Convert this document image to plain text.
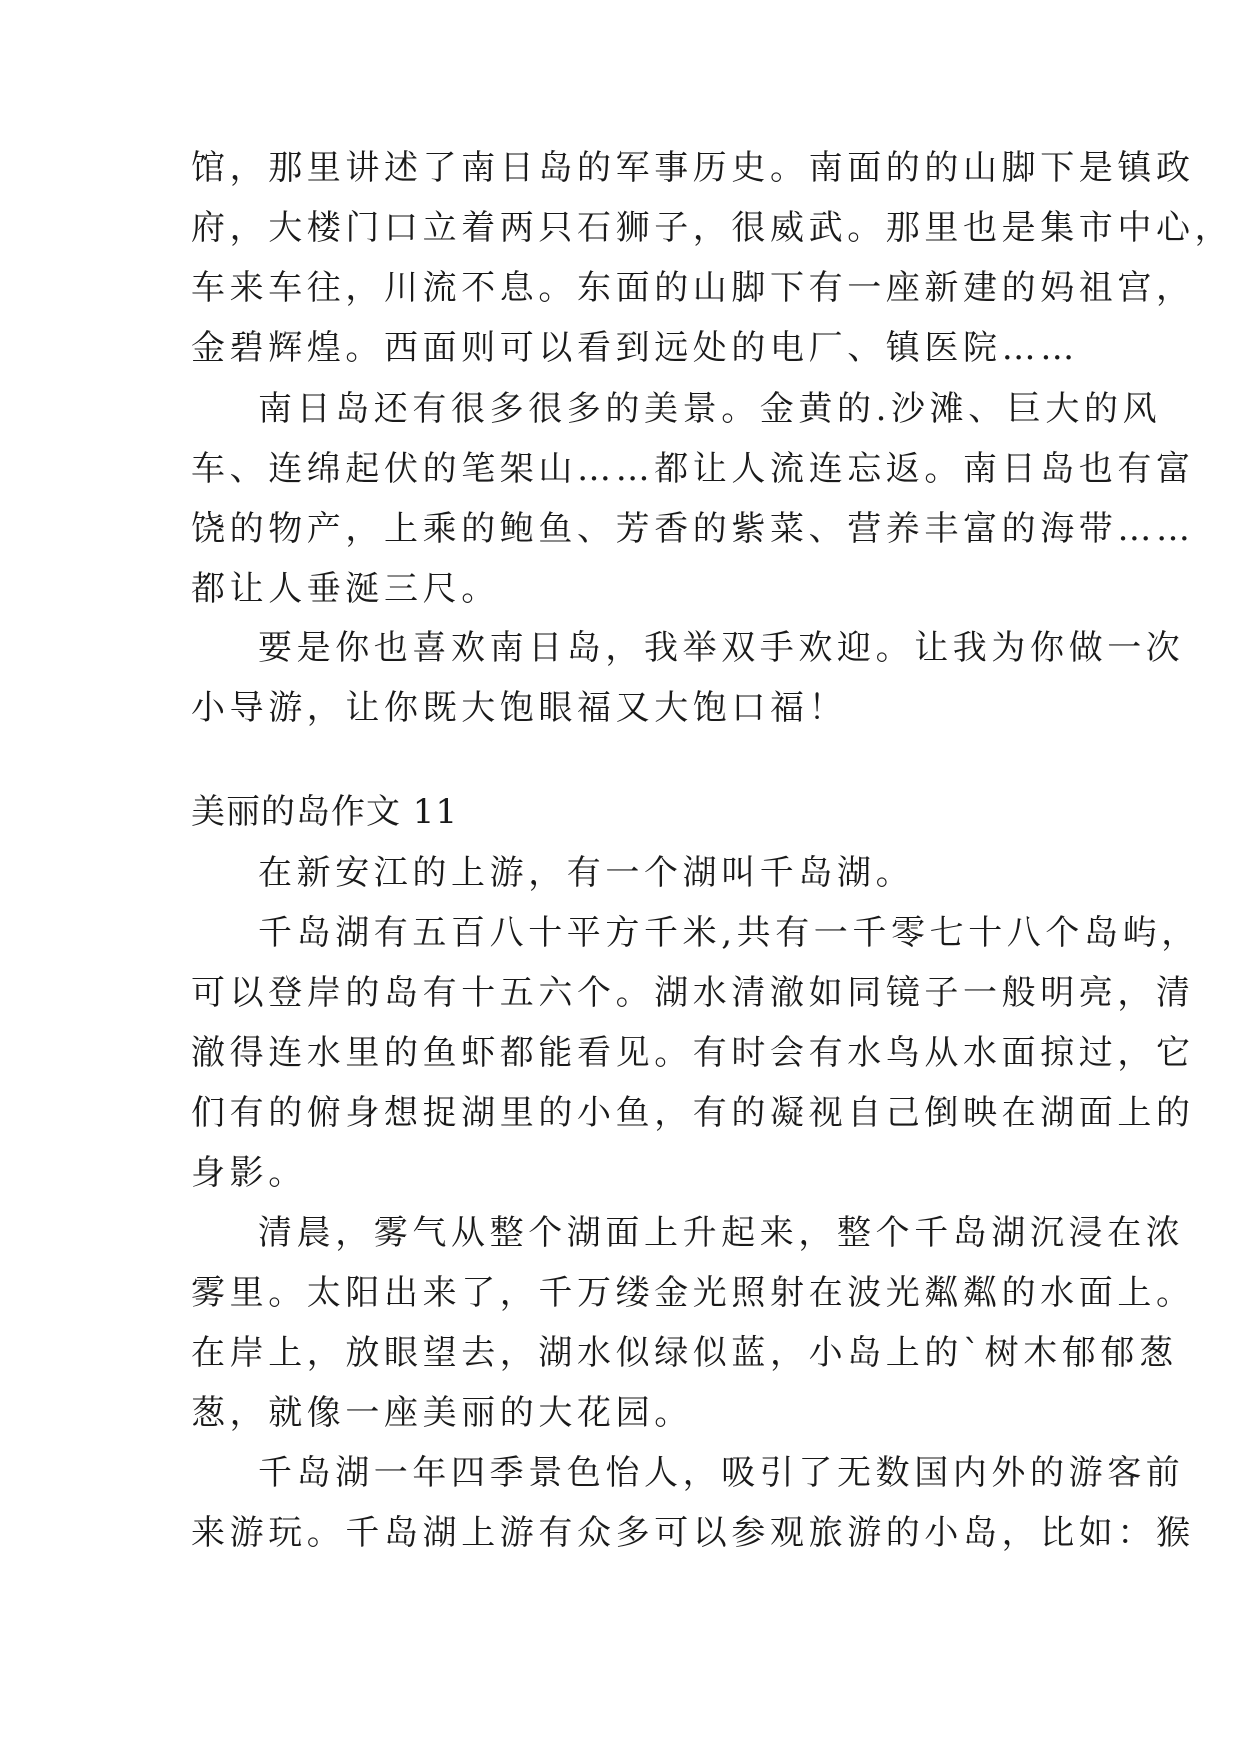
馆，那里讲述了南日岛的军事历史。南面的的山脚下是镇政
府，大楼门口立着两只石狮子，很威武。那里也是集市中心，
车来车往，川流不息。东面的山脚下有一座新建的妈祖宫，
金碧辉煌。西面则可以看到远处的电厂、镇医院……
南日岛还有很多很多的美景。金黄的.沙滩、巨大的风
车、连绵起伏的笔架山……都让人流连忘返。南日岛也有富
饶的物产，上乘的鲍鱼、芳香的紫菜、营养丰富的海带……
都让人垂涎三尺。
要是你也喜欢南日岛，我举双手欢迎。让我为你做一次
小导游，让你既大饱眼福又大饱口福！
美丽的岛作文 11
在新安江的上游，有一个湖叫千岛湖。
千岛湖有五百八十平方千米,共有一千零七十八个岛屿，
可以登岸的岛有十五六个。湖水清澈如同镜子一般明亮，清
澈得连水里的鱼虾都能看见。有时会有水鸟从水面掠过，它
们有的俯身想捉湖里的小鱼，有的凝视自己倒映在湖面上的
身影。
清晨，雾气从整个湖面上升起来，整个千岛湖沉浸在浓
雾里。太阳出来了，千万缕金光照射在波光粼粼的水面上。
在岸上，放眼望去，湖水似绿似蓝，小岛上的`树木郁郁葱
葱，就像一座美丽的大花园。
千岛湖一年四季景色怡人，吸引了无数国内外的游客前
来游玩。千岛湖上游有众多可以参观旅游的小岛，比如：猴
